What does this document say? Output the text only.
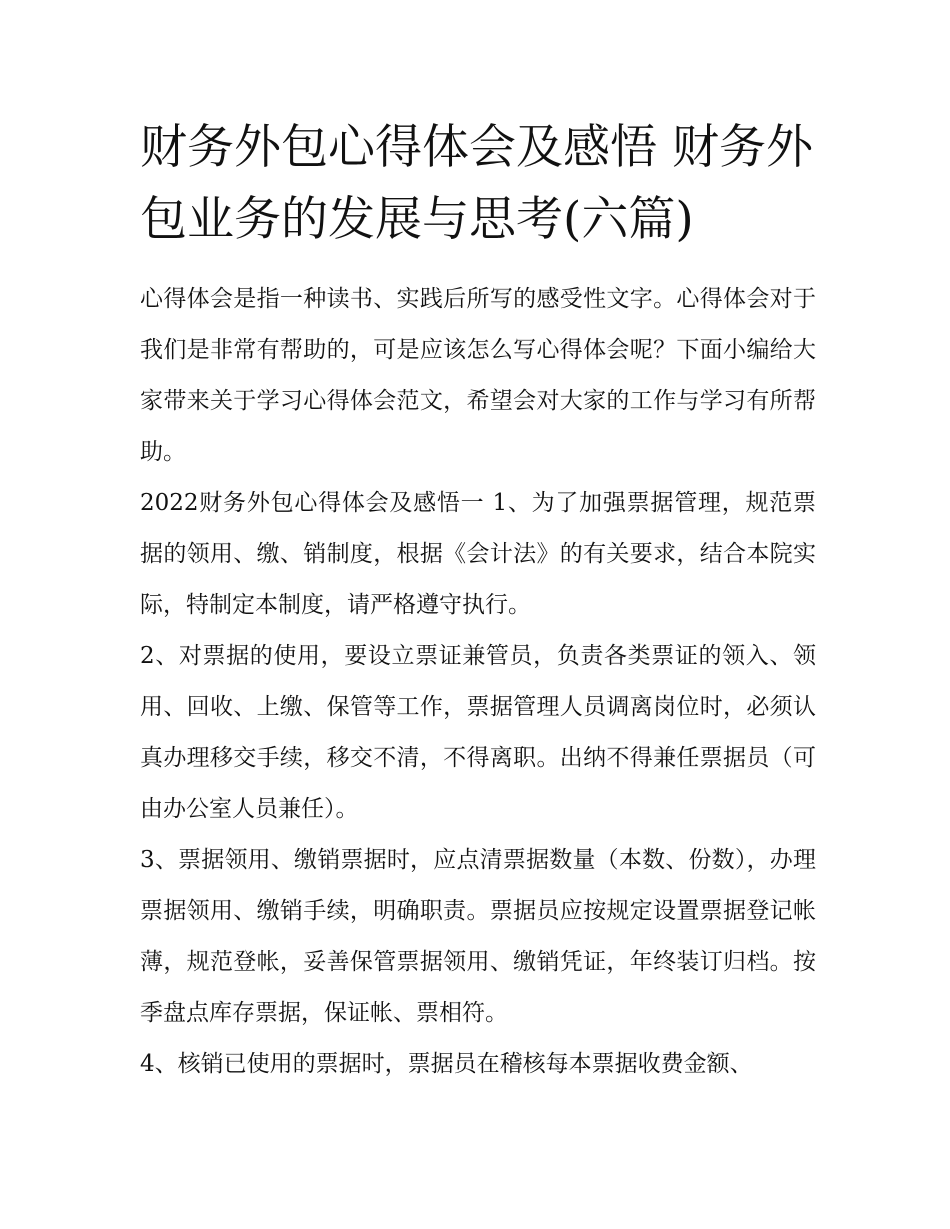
财务外包心得体会及感悟 财务外包业务的发展与思考(六篇)

心得体会是指一种读书、实践后所写的感受性文字。心得体会对于我们是非常有帮助的，可是应该怎么写心得体会呢？下面小编给大家带来关于学习心得体会范文，希望会对大家的工作与学习有所帮助。

2022财务外包心得体会及感悟一 1、为了加强票据管理，规范票据的领用、缴、销制度，根据《会计法》的有关要求，结合本院实际，特制定本制度，请严格遵守执行。

2、对票据的使用，要设立票证兼管员，负责各类票证的领入、领用、回收、上缴、保管等工作，票据管理人员调离岗位时，必须认真办理移交手续，移交不清，不得离职。出纳不得兼任票据员（可由办公室人员兼任）。

3、票据领用、缴销票据时，应点清票据数量（本数、份数），办理票据领用、缴销手续，明确职责。票据员应按规定设置票据登记帐薄，规范登帐，妥善保管票据领用、缴销凭证，年终装订归档。按季盘点库存票据，保证帐、票相符。

4、核销已使用的票据时，票据员在稽核每本票据收费金额、
